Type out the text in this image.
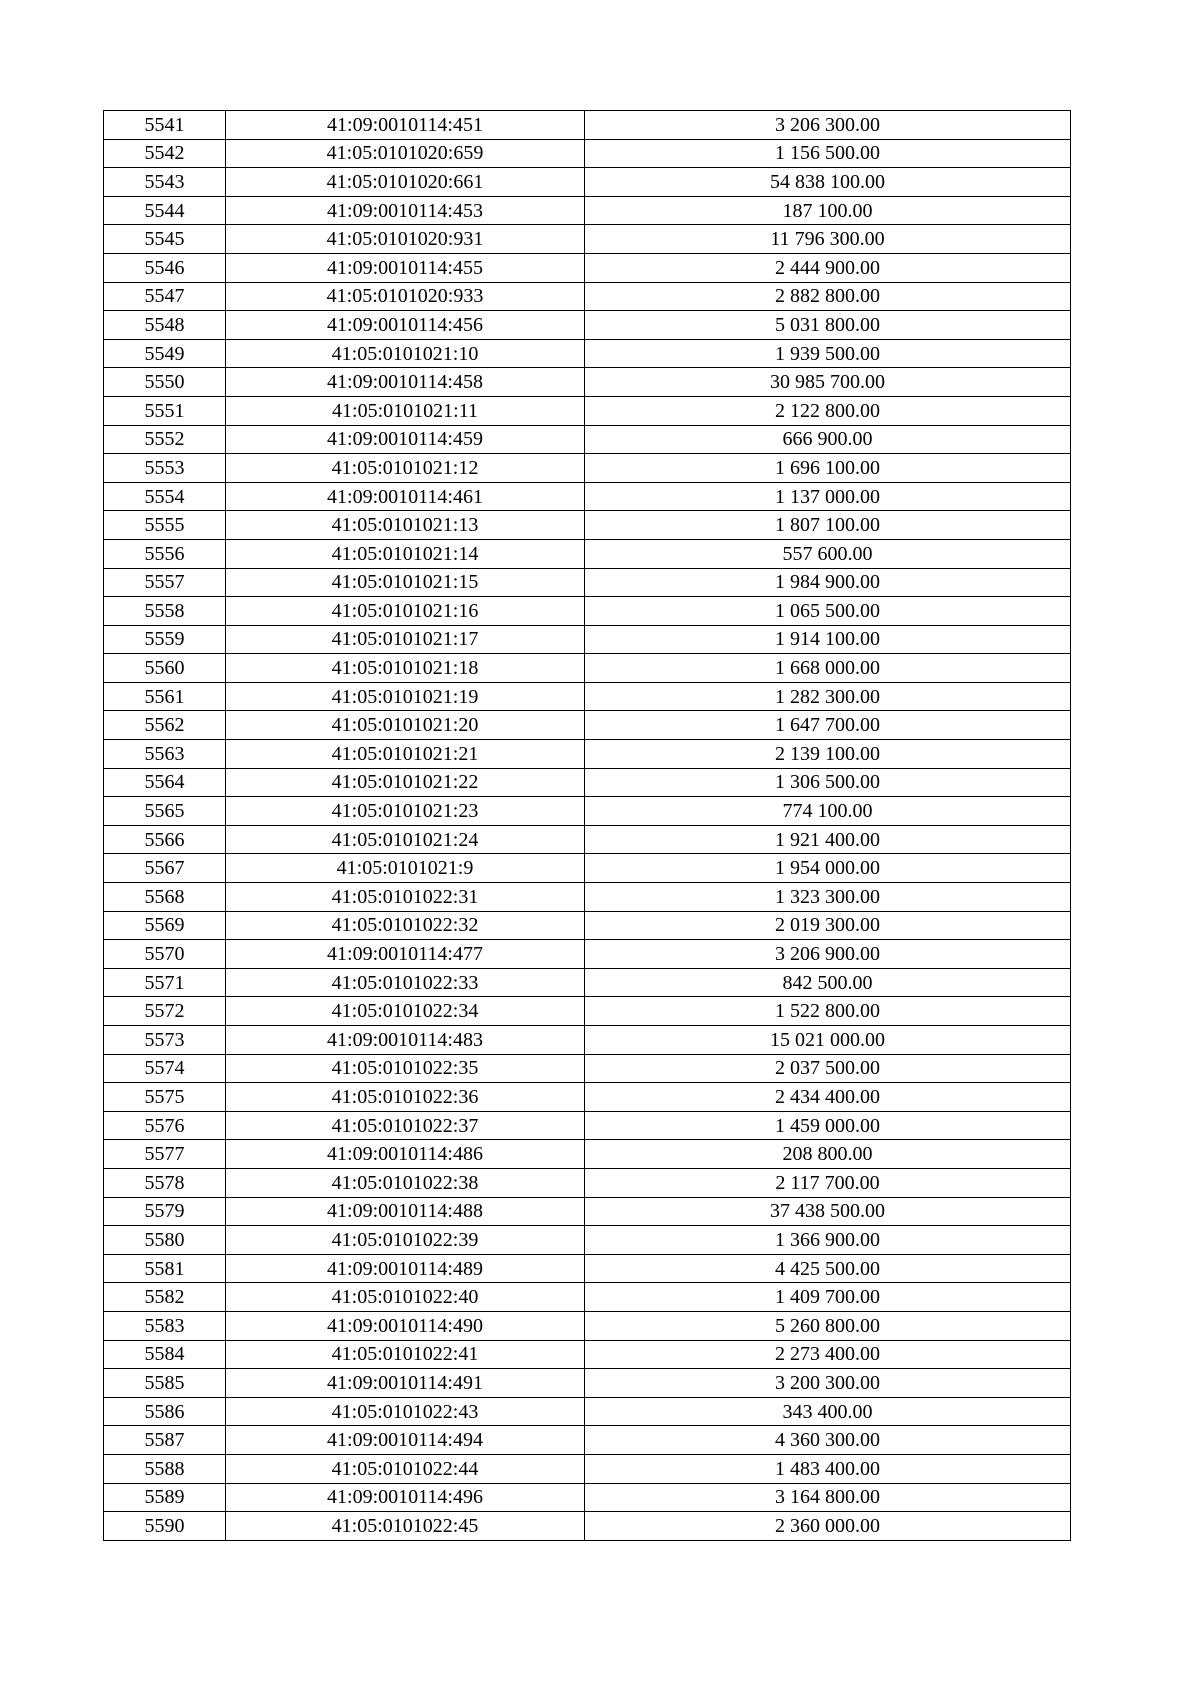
5541	41:09:0010114:451	3 206 300.00
5542	41:05:0101020:659	1 156 500.00
5543	41:05:0101020:661	54 838 100.00
5544	41:09:0010114:453	187 100.00
5545	41:05:0101020:931	11 796 300.00
5546	41:09:0010114:455	2 444 900.00
5547	41:05:0101020:933	2 882 800.00
5548	41:09:0010114:456	5 031 800.00
5549	41:05:0101021:10	1 939 500.00
5550	41:09:0010114:458	30 985 700.00
5551	41:05:0101021:11	2 122 800.00
5552	41:09:0010114:459	666 900.00
5553	41:05:0101021:12	1 696 100.00
5554	41:09:0010114:461	1 137 000.00
5555	41:05:0101021:13	1 807 100.00
5556	41:05:0101021:14	557 600.00
5557	41:05:0101021:15	1 984 900.00
5558	41:05:0101021:16	1 065 500.00
5559	41:05:0101021:17	1 914 100.00
5560	41:05:0101021:18	1 668 000.00
5561	41:05:0101021:19	1 282 300.00
5562	41:05:0101021:20	1 647 700.00
5563	41:05:0101021:21	2 139 100.00
5564	41:05:0101021:22	1 306 500.00
5565	41:05:0101021:23	774 100.00
5566	41:05:0101021:24	1 921 400.00
5567	41:05:0101021:9	1 954 000.00
5568	41:05:0101022:31	1 323 300.00
5569	41:05:0101022:32	2 019 300.00
5570	41:09:0010114:477	3 206 900.00
5571	41:05:0101022:33	842 500.00
5572	41:05:0101022:34	1 522 800.00
5573	41:09:0010114:483	15 021 000.00
5574	41:05:0101022:35	2 037 500.00
5575	41:05:0101022:36	2 434 400.00
5576	41:05:0101022:37	1 459 000.00
5577	41:09:0010114:486	208 800.00
5578	41:05:0101022:38	2 117 700.00
5579	41:09:0010114:488	37 438 500.00
5580	41:05:0101022:39	1 366 900.00
5581	41:09:0010114:489	4 425 500.00
5582	41:05:0101022:40	1 409 700.00
5583	41:09:0010114:490	5 260 800.00
5584	41:05:0101022:41	2 273 400.00
5585	41:09:0010114:491	3 200 300.00
5586	41:05:0101022:43	343 400.00
5587	41:09:0010114:494	4 360 300.00
5588	41:05:0101022:44	1 483 400.00
5589	41:09:0010114:496	3 164 800.00
5590	41:05:0101022:45	2 360 000.00
